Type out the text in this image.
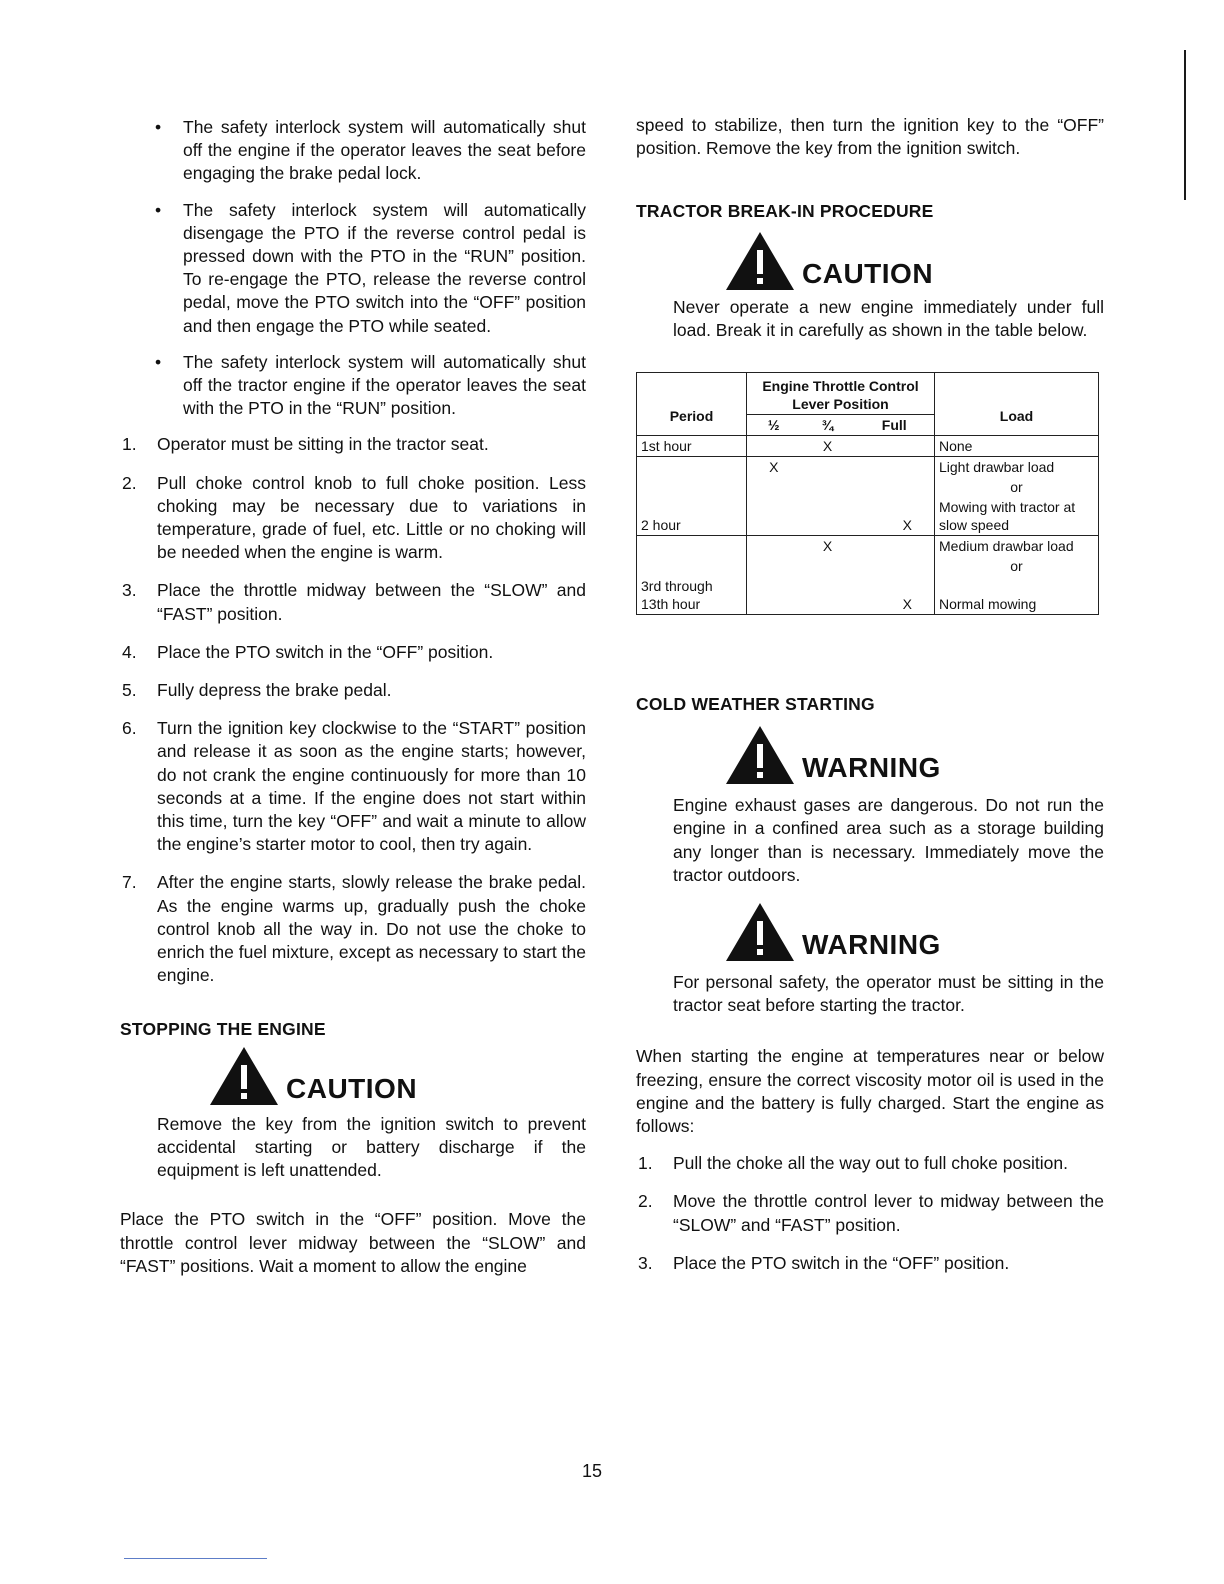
• The safety interlock system will automatically shut off the engine if the operator leaves the seat before engaging the brake pedal lock.
• The safety interlock system will automatically disengage the PTO if the reverse control pedal is pressed down with the PTO in the “RUN” position. To re-engage the PTO, release the reverse control pedal, move the PTO switch into the “OFF” position and then engage the PTO while seated.
• The safety interlock system will automatically shut off the tractor engine if the operator leaves the seat with the PTO in the “RUN” position.
1. Operator must be sitting in the tractor seat.
2. Pull choke control knob to full choke position. Less choking may be necessary due to variations in temperature, grade of fuel, etc. Little or no choking will be needed when the engine is warm.
3. Place the throttle midway between the “SLOW” and “FAST” position.
4. Place the PTO switch in the “OFF” position.
5. Fully depress the brake pedal.
6. Turn the ignition key clockwise to the “START” position and release it as soon as the engine starts; however, do not crank the engine continuously for more than 10 seconds at a time. If the engine does not start within this time, turn the key “OFF” and wait a minute to allow the engine’s starter motor to cool, then try again.
7. After the engine starts, slowly release the brake pedal. As the engine warms up, gradually push the choke control knob all the way in. Do not use the choke to enrich the fuel mixture, except as necessary to start the engine.
STOPPING THE ENGINE
CAUTION
Remove the key from the ignition switch to prevent accidental starting or battery discharge if the equipment is left unattended.
Place the PTO switch in the “OFF” position. Move the throttle control lever midway between the “SLOW” and “FAST” positions. Wait a moment to allow the engine
speed to stabilize, then turn the ignition key to the “OFF” position. Remove the key from the ignition switch.
TRACTOR BREAK-IN PROCEDURE
CAUTION
Never operate a new engine immediately under full load. Break it in carefully as shown in the table below.
Period	Engine Throttle Control Lever Position			Load
	½	¾	Full	
1st hour		X		None
	X			Light drawbar load
				or
2 hour			X	Mowing with tractor at slow speed
		X		Medium drawbar load
				or
3rd through 13th hour			X	Normal mowing
COLD WEATHER STARTING
WARNING
Engine exhaust gases are dangerous. Do not run the engine in a confined area such as a storage building any longer than is necessary. Immediately move the tractor outdoors.
WARNING
For personal safety, the operator must be sitting in the tractor seat before starting the tractor.
When starting the engine at temperatures near or below freezing, ensure the correct viscosity motor oil is used in the engine and the battery is fully charged. Start the engine as follows:
1. Pull the choke all the way out to full choke position.
2. Move the throttle control lever to midway between the “SLOW” and “FAST” position.
3. Place the PTO switch in the “OFF” position.
15
